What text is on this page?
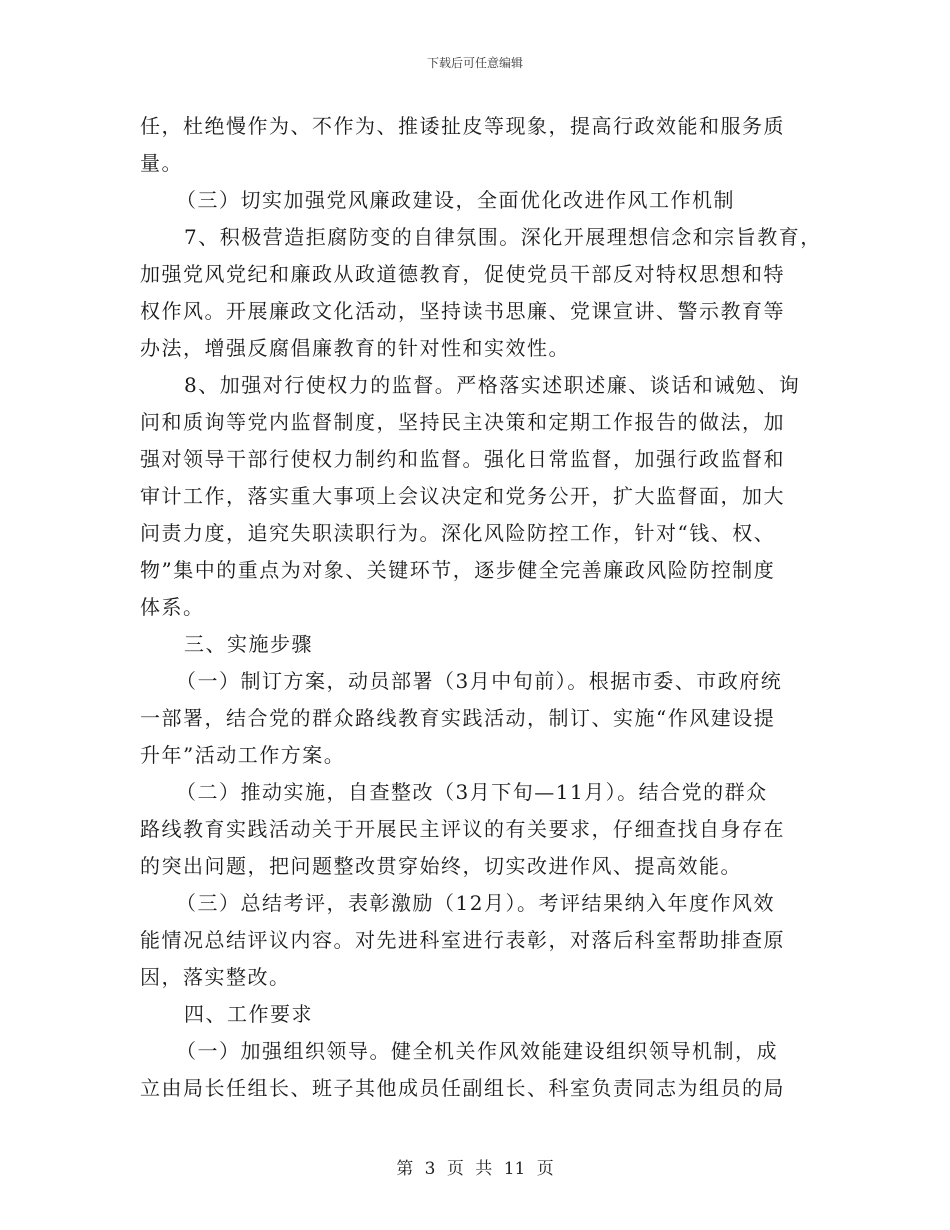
下载后可任意编辑
任，杜绝慢作为、不作为、推诿扯皮等现象，提高行政效能和服务质
量。
（三）切实加强党风廉政建设，全面优化改进作风工作机制
7、积极营造拒腐防变的自律氛围。深化开展理想信念和宗旨教育，
加强党风党纪和廉政从政道德教育，促使党员干部反对特权思想和特
权作风。开展廉政文化活动，坚持读书思廉、党课宣讲、警示教育等
办法，增强反腐倡廉教育的针对性和实效性。
8、加强对行使权力的监督。严格落实述职述廉、谈话和诫勉、询
问和质询等党内监督制度，坚持民主决策和定期工作报告的做法，加
强对领导干部行使权力制约和监督。强化日常监督，加强行政监督和
审计工作，落实重大事项上会议决定和党务公开，扩大监督面，加大
问责力度，追究失职渎职行为。深化风险防控工作，针对“钱、权、
物”集中的重点为对象、关键环节，逐步健全完善廉政风险防控制度
体系。
三、实施步骤
（一）制订方案，动员部署（3月中旬前）。根据市委、市政府统
一部署，结合党的群众路线教育实践活动，制订、实施“作风建设提
升年”活动工作方案。
（二）推动实施，自查整改（3月下旬—11月）。结合党的群众
路线教育实践活动关于开展民主评议的有关要求，仔细查找自身存在
的突出问题，把问题整改贯穿始终，切实改进作风、提高效能。
（三）总结考评，表彰激励（12月）。考评结果纳入年度作风效
能情况总结评议内容。对先进科室进行表彰，对落后科室帮助排查原
因，落实整改。
四、工作要求
（一）加强组织领导。健全机关作风效能建设组织领导机制，成
立由局长任组长、班子其他成员任副组长、科室负责同志为组员的局
第 3 页 共 11 页
